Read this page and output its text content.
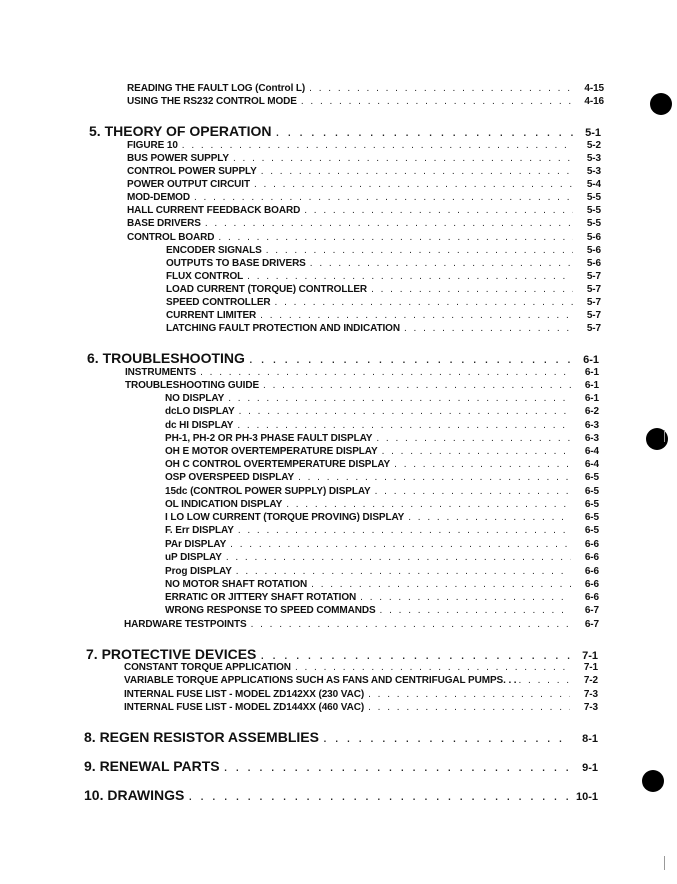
READING THE FAULT LOG (Control L) . . .	4-15
USING THE RS232 CONTROL MODE . . .	4-16
5. THEORY OF OPERATION . . .	5-1
FIGURE 10 . . .	5-2
BUS POWER SUPPLY . . .	5-3
CONTROL POWER SUPPLY . . .	5-3
POWER OUTPUT CIRCUIT . . .	5-4
MOD-DEMOD . . .	5-5
HALL CURRENT FEEDBACK BOARD . . .	5-5
BASE DRIVERS . . .	5-5
CONTROL BOARD . . .	5-6
ENCODER SIGNALS . . .	5-6
OUTPUTS TO BASE DRIVERS . . .	5-6
FLUX CONTROL . . .	5-7
LOAD CURRENT (TORQUE) CONTROLLER . . .	5-7
SPEED CONTROLLER . . .	5-7
CURRENT LIMITER . . .	5-7
LATCHING FAULT PROTECTION AND INDICATION . . .	5-7
6. TROUBLESHOOTING . . .	6-1
INSTRUMENTS . . .	6-1
TROUBLESHOOTING GUIDE . . .	6-1
NO DISPLAY . . .	6-1
dcLO DISPLAY . . .	6-2
dc HI DISPLAY . . .	6-3
PH-1, PH-2 OR PH-3 PHASE FAULT DISPLAY . . .	6-3
OH E MOTOR OVERTEMPERATURE DISPLAY . . .	6-4
OH C CONTROL OVERTEMPERATURE DISPLAY . . .	6-4
OSP OVERSPEED DISPLAY . . .	6-5
15dc (CONTROL POWER SUPPLY) DISPLAY . . .	6-5
OL INDICATION DISPLAY . . .	6-5
I LO LOW CURRENT (TORQUE PROVING) DISPLAY . . .	6-5
F. Err DISPLAY . . .	6-5
PAr DISPLAY . . .	6-6
uP DISPLAY . . .	6-6
Prog DISPLAY . . .	6-6
NO MOTOR SHAFT ROTATION . . .	6-6
ERRATIC OR JITTERY SHAFT ROTATION . . .	6-6
WRONG RESPONSE TO SPEED COMMANDS . . .	6-7
HARDWARE TESTPOINTS . . .	6-7
7. PROTECTIVE DEVICES . . .	7-1
CONSTANT TORQUE APPLICATION . . .	7-1
VARIABLE TORQUE APPLICATIONS SUCH AS FANS AND CENTRIFUGAL PUMPS. . . . . .	7-2
INTERNAL FUSE LIST - MODEL ZD142XX (230 VAC) . . .	7-3
INTERNAL FUSE LIST - MODEL ZD144XX (460 VAC) . . .	7-3
8. REGEN RESISTOR ASSEMBLIES . . .	8-1
9. RENEWAL PARTS . . .	9-1
10. DRAWINGS . . .	10-1
